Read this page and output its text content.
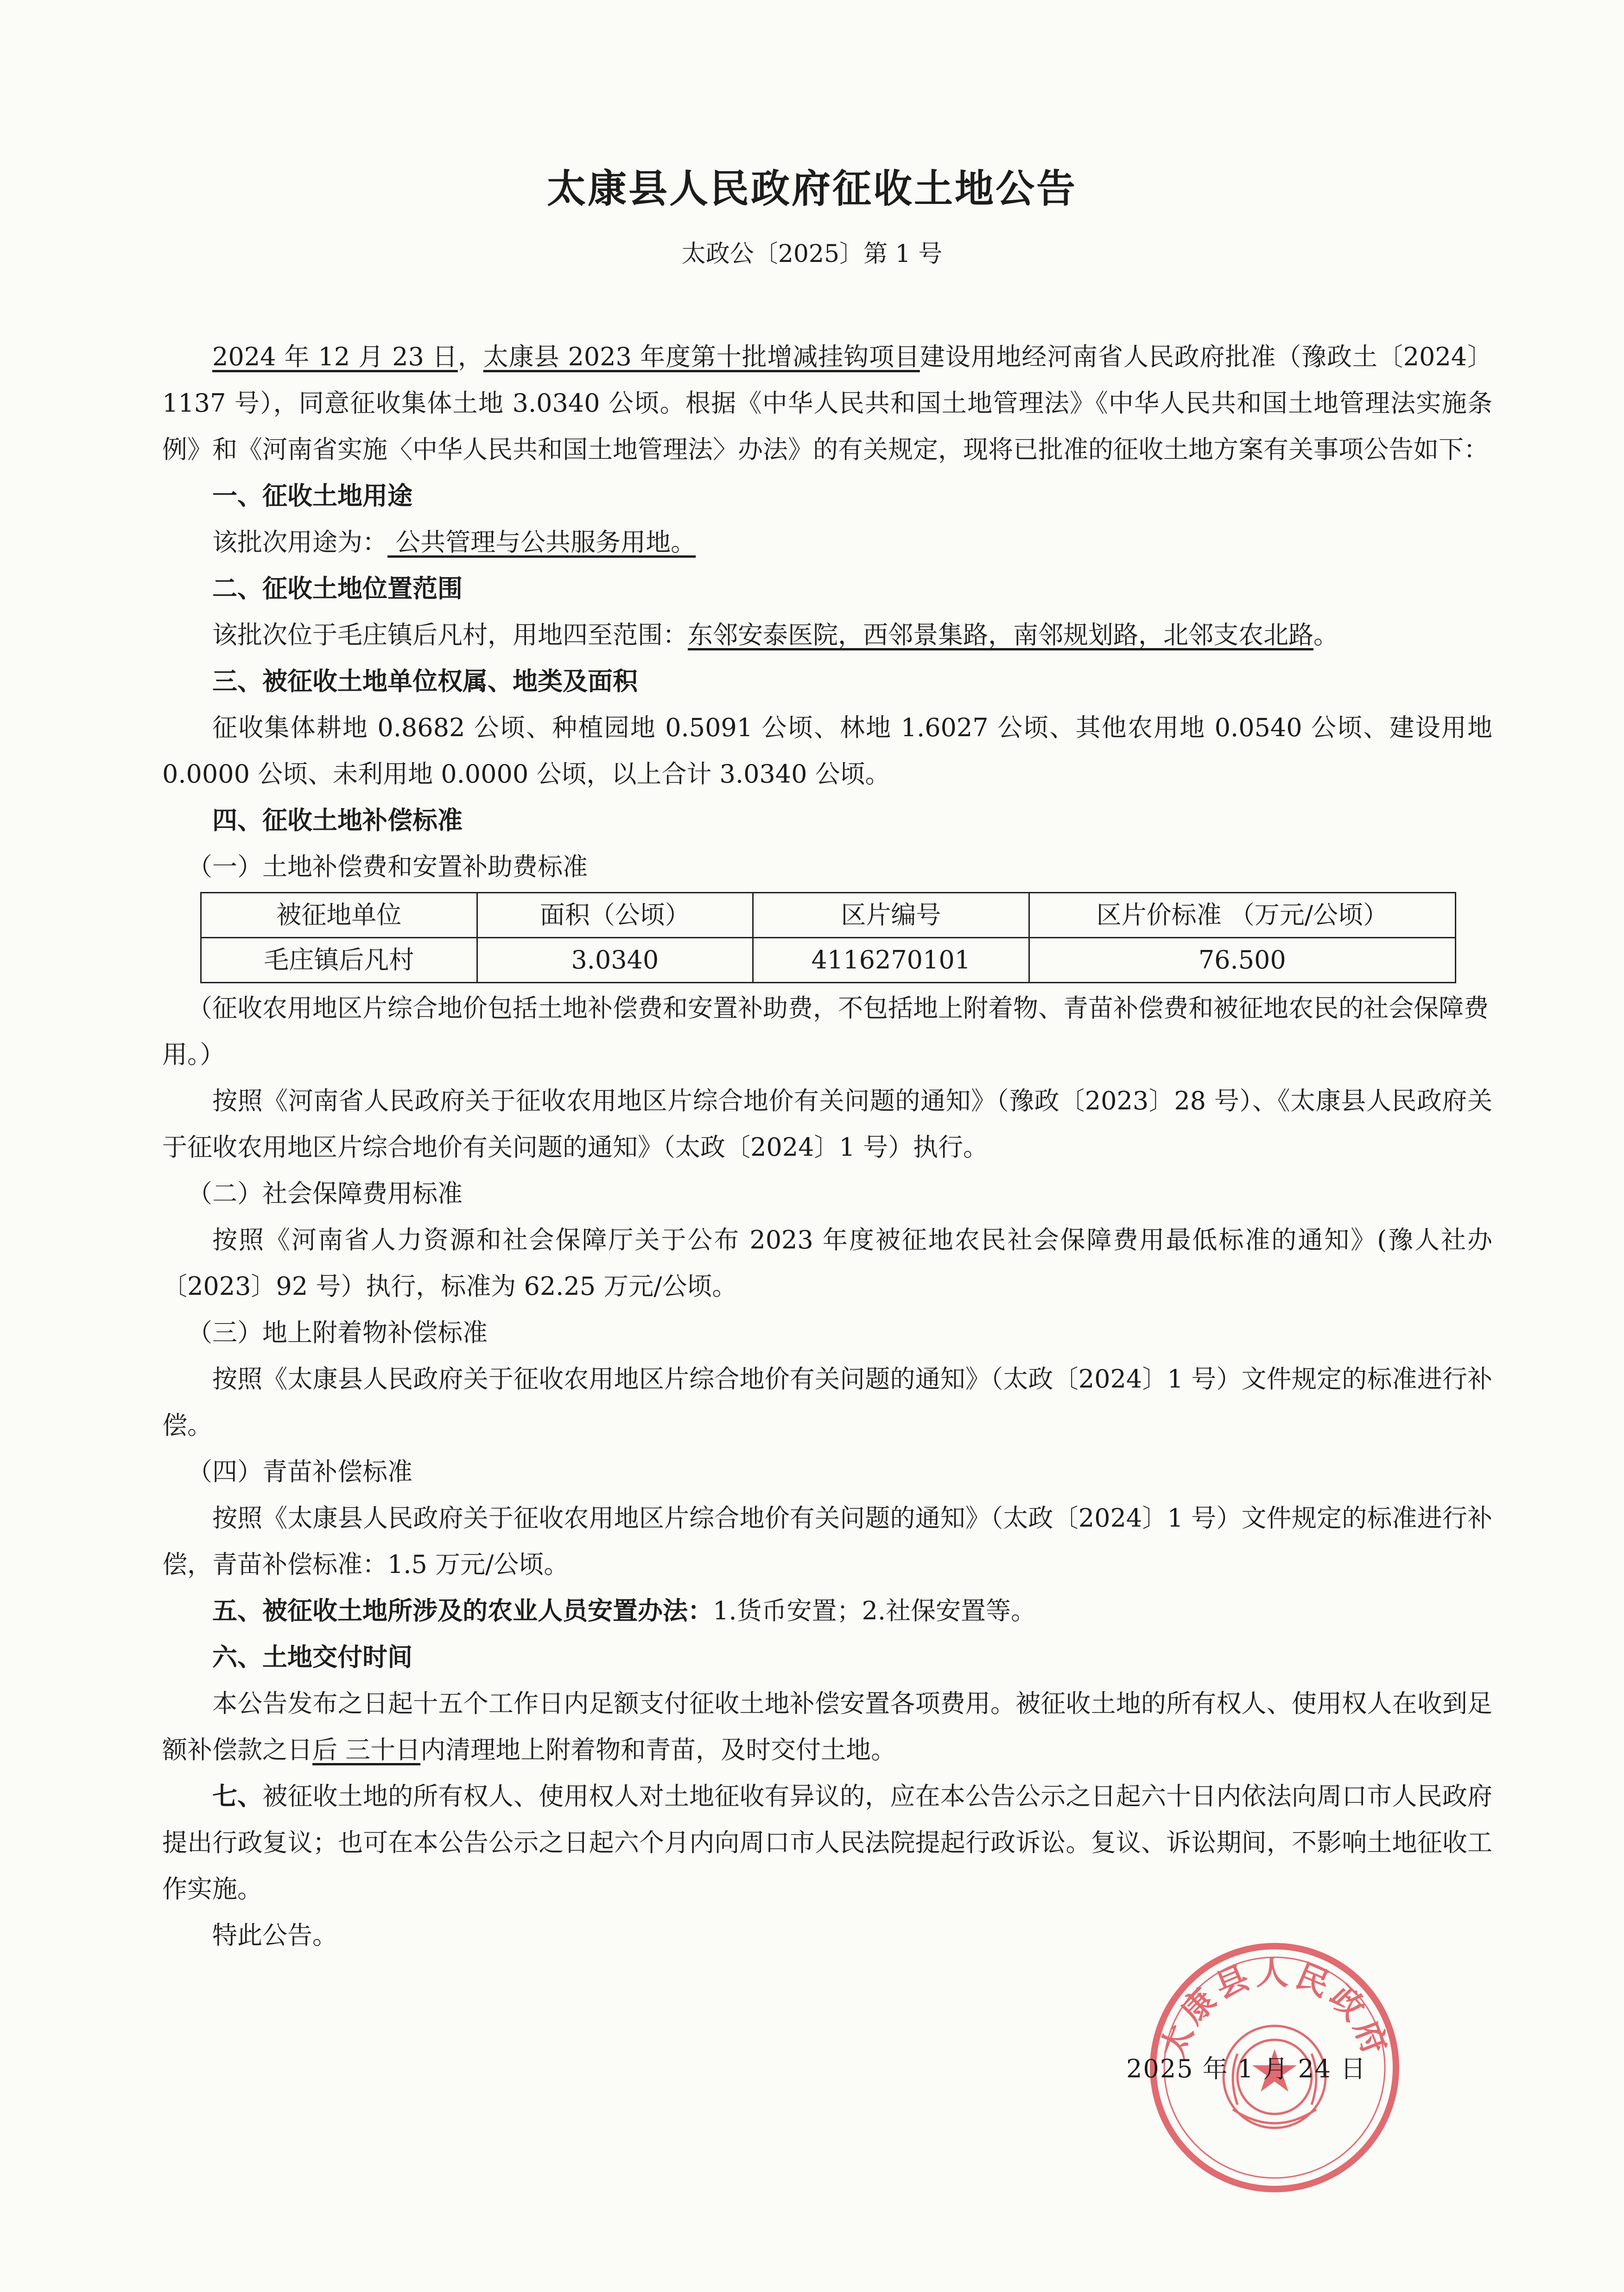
太康县人民政府征收土地公告
太政公〔2025〕第 1 号

2024 年 12 月 23 日，太康县 2023 年度第十批增减挂钩项目建设用地经河南省人民政府批准（豫政土〔2024〕1137 号），同意征收集体土地 3.0340 公顷。根据《中华人民共和国土地管理法》《中华人民共和国土地管理法实施条例》和《河南省实施〈中华人民共和国土地管理法〉办法》的有关规定，现将已批准的征收土地方案有关事项公告如下：

一、征收土地用途

该批次用途为： 公共管理与公共服务用地。

二、征收土地位置范围

该批次位于毛庄镇后凡村，用地四至范围：东邻安泰医院，西邻景集路，南邻规划路，北邻支农北路。

三、被征收土地单位权属、地类及面积

征收集体耕地 0.8682 公顷、种植园地 0.5091 公顷、林地 1.6027 公顷、其他农用地 0.0540 公顷、建设用地 0.0000 公顷、未利用地 0.0000 公顷，以上合计 3.0340 公顷。

四、征收土地补偿标准

（一）土地补偿费和安置补助费标准

被征地单位	面积（公顷）	区片编号	区片价标准 （万元/公顷）
毛庄镇后凡村	3.0340	4116270101	76.500

（征收农用地区片综合地价包括土地补偿费和安置补助费，不包括地上附着物、青苗补偿费和被征地农民的社会保障费用。）

按照《河南省人民政府关于征收农用地区片综合地价有关问题的通知》（豫政〔2023〕28 号）、《太康县人民政府关于征收农用地区片综合地价有关问题的通知》（太政〔2024〕1 号）执行。

（二）社会保障费用标准

按照《河南省人力资源和社会保障厅关于公布 2023 年度被征地农民社会保障费用最低标准的通知》(豫人社办〔2023〕92 号）执行，标准为 62.25 万元/公顷。

（三）地上附着物补偿标准

按照《太康县人民政府关于征收农用地区片综合地价有关问题的通知》（太政〔2024〕1 号）文件规定的标准进行补偿。

（四）青苗补偿标准

按照《太康县人民政府关于征收农用地区片综合地价有关问题的通知》（太政〔2024〕1 号）文件规定的标准进行补偿，青苗补偿标准：1.5 万元/公顷。

五、被征收土地所涉及的农业人员安置办法：1.货币安置；2.社保安置等。

六、土地交付时间

本公告发布之日起十五个工作日内足额支付征收土地补偿安置各项费用。被征收土地的所有权人、使用权人在收到足额补偿款之日后 三十日内清理地上附着物和青苗，及时交付土地。

七、被征收土地的所有权人、使用权人对土地征收有异议的，应在本公告公示之日起六十日内依法向周口市人民政府提出行政复议；也可在本公告公示之日起六个月内向周口市人民法院提起行政诉讼。复议、诉讼期间，不影响土地征收工作实施。

特此公告。

太康县人民政府
2025 年 1 月 24 日
